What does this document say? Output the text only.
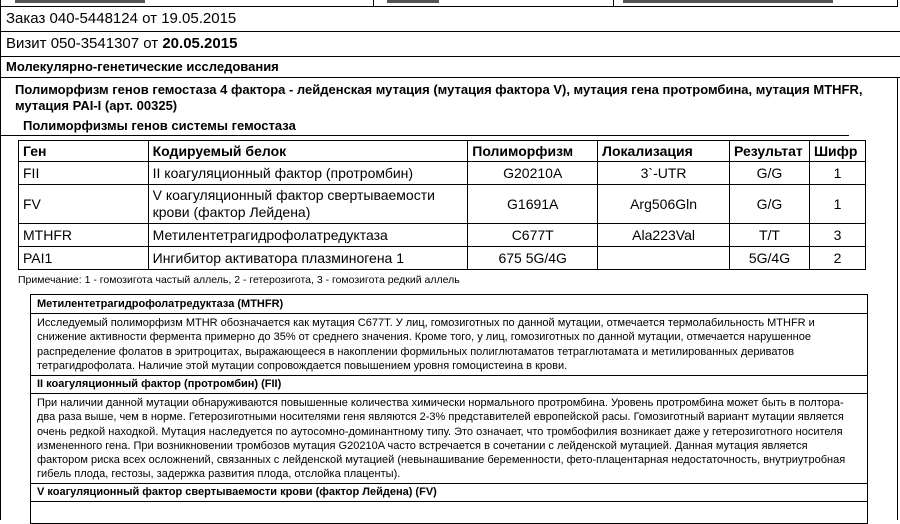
Заказ 040-5448124 от 19.05.2015
Визит 050-3541307 от 20.05.2015
Молекулярно-генетические исследования
Полиморфизм генов гемостаза 4 фактора - лейденская мутация (мутация фактора V), мутация гена протромбина, мутация MTHFR, мутация PAI-I (арт. 00325)
Полиморфизмы генов системы гемостаза
Ген	Кодируемый белок	Полиморфизм	Локализация	Результат	Шифр
FII	II коагуляционный фактор (протромбин)	G20210A	3`-UTR	G/G	1
FV	V коагуляционный фактор свертываемости крови (фактор Лейдена)	G1691A	Arg506Gln	G/G	1
MTHFR	Метилентетрагидрофолатредуктаза	C677T	Ala223Val	T/T	3
PAI1	Ингибитор активатора плазминогена 1	675 5G/4G		5G/4G	2
Примечание: 1 - гомозигота частый аллель, 2 - гетерозигота, 3 - гомозигота редкий аллель
Метилентетрагидрофолатредуктаза (MTHFR)
Исследуемый полиморфизм MTHR обозначается как мутация С677Т. У лиц, гомозиготных по данной мутации, отмечается термолабильность MTHFR и снижение активности фермента примерно до 35% от среднего значения. Кроме того, у лиц, гомозиготных по данной мутации, отмечается нарушенное распределение фолатов в эритроцитах, выражающееся в накоплении формильных полиглютаматов тетраглютамата и метилированных дериватов тетрагидрофолата. Наличие этой мутации сопровождается повышением уровня гомоцистеина в крови.
II коагуляционный фактор (протромбин) (FII)
При наличии данной мутации обнаруживаются повышенные количества химически нормального протромбина. Уровень протромбина может быть в полтора-два раза выше, чем в норме. Гетерозиготными носителями геня являются 2-3% представителей европейской расы. Гомозиготный вариант мутации является очень редкой находкой. Мутация наследуется по аутосомно-доминантному типу. Это означает, что тромбофилия возникает даже у гетерозиготного носителя измененного гена. При возникновении тромбозов мутация G20210A часто встречается в сочетании с лейденской мутацией. Данная мутация является фактором риска всех осложнений, связанных с лейденской мутацией (невынашивание беременности, фето-плацентарная недостаточность, внутриутробная гибель плода, гестозы, задержка развития плода, отслойка плаценты).
V коагуляционный фактор свертываемости крови (фактор Лейдена) (FV)
